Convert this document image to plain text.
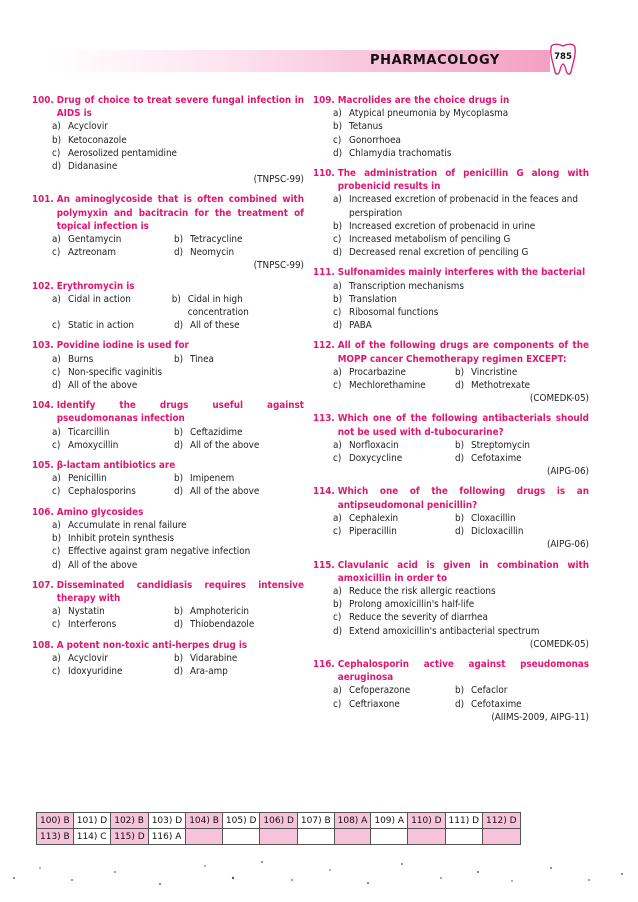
PHARMACOLOGY	785
100. Drug of choice to treat severe fungal infection in AIDS is
a) Acyclovir
b) Ketoconazole
c) Aerosolized pentamidine
d) Didanasine
(TNPSC-99)
101. An aminoglycoside that is often combined with polymyxin and bacitracin for the treatment of topical infection is
a) Gentamycin	b) Tetracycline
c) Aztreonam	d) Neomycin
(TNPSC-99)
102. Erythromycin is
a) Cidal in action	b) Cidal in high concentration
c) Static in action	d) All of these
103. Povidine iodine is used for
a) Burns	b) Tinea
c) Non-specific vaginitis
d) All of the above
104. Identify the drugs useful against pseudomonanas infection
a) Ticarcillin	b) Ceftazidime
c) Amoxycillin	d) All of the above
105. β-lactam antibiotics are
a) Penicillin	b) Imipenem
c) Cephalosporins	d) All of the above
106. Amino glycosides
a) Accumulate in renal failure
b) Inhibit protein synthesis
c) Effective against gram negative infection
d) All of the above
107. Disseminated candidiasis requires intensive therapy with
a) Nystatin	b) Amphotericin
c) Interferons	d) Thiobendazole
108. A potent non-toxic anti-herpes drug is
a) Acyclovir	b) Vidarabine
c) Idoxyuridine	d) Ara-amp
109. Macrolides are the choice drugs in
a) Atypical pneumonia by Mycoplasma
b) Tetanus
c) Gonorrhoea
d) Chlamydia trachomatis
110. The administration of penicillin G along with probenicid results in
a) Increased excretion of probenacid in the feaces and perspiration
b) Increased excretion of probenacid in urine
c) Increased metabolism of penciling G
d) Decreased renal excretion of penciling G
111. Sulfonamides mainly interferes with the bacterial
a) Transcription mechanisms
b) Translation
c) Ribosomal functions
d) PABA
112. All of the following drugs are components of the MOPP cancer Chemotherapy regimen EXCEPT:
a) Procarbazine	b) Vincristine
c) Mechlorethamine	d) Methotrexate
(COMEDK-05)
113. Which one of the following antibacterials should not be used with d-tubocurarine?
a) Norfloxacin	b) Streptomycin
c) Doxycycline	d) Cefotaxime
(AIPG-06)
114. Which one of the following drugs is an antipseudomonal penicillin?
a) Cephalexin	b) Cloxacillin
c) Piperacillin	d) Dicloxacillin
(AIPG-06)
115. Clavulanic acid is given in combination with amoxicillin in order to
a) Reduce the risk allergic reactions
b) Prolong amoxicillin's half-life
c) Reduce the severity of diarrhea
d) Extend amoxicillin's antibacterial spectrum
(COMEDK-05)
116. Cephalosporin active against pseudomonas aeruginosa
a) Cefoperazone	b) Cefaclor
c) Ceftriaxone	d) Cefotaxime
(AIIMS-2009, AIPG-11)
100) B	101) D	102) B	103) D	104) B	105) D	106) D	107) B	108) A	109) A	110) D	111) D	112) D
113) B	114) C	115) D	116) A									
